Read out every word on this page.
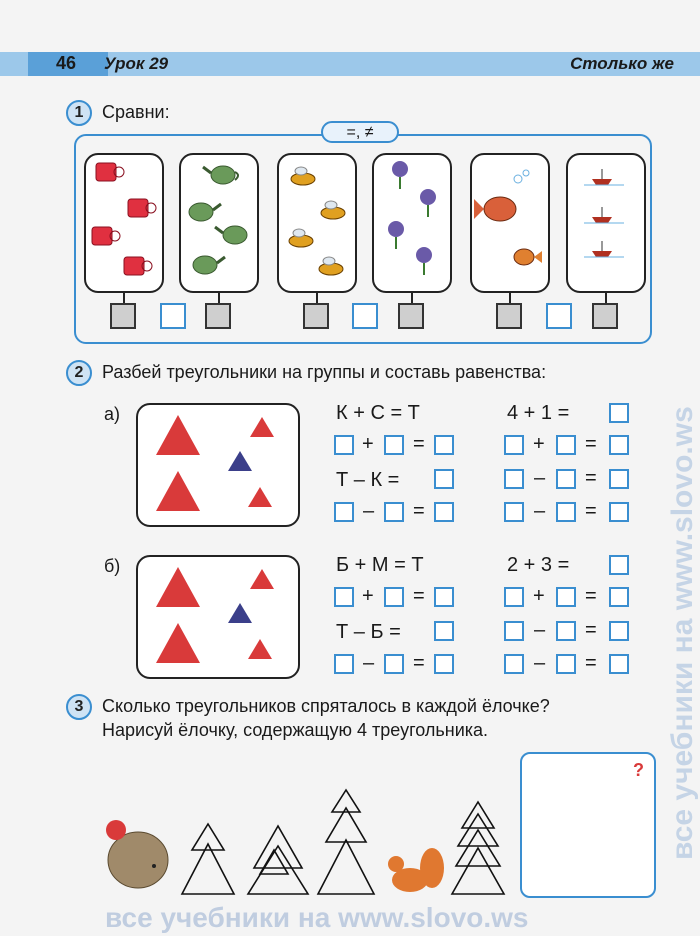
46 Урок 29	Столько же
все учебники на www.slovo.ws
все учебники на www.slovo.ws
1	Сравни:
=, ≠
2	Разбей треугольники на группы и составь равенства:
а)	К + С = Т	4 + 1 =
+ =	+ =
Т – К =	– =
– =	– =
б)	Б + М = Т	2 + 3 =
+ =	+ =
Т – Б =	– =
– =	– =
3	Сколько треугольников спряталось в каждой ёлочке?
Нарисуй ёлочку, содержащую 4 треугольника.
?
